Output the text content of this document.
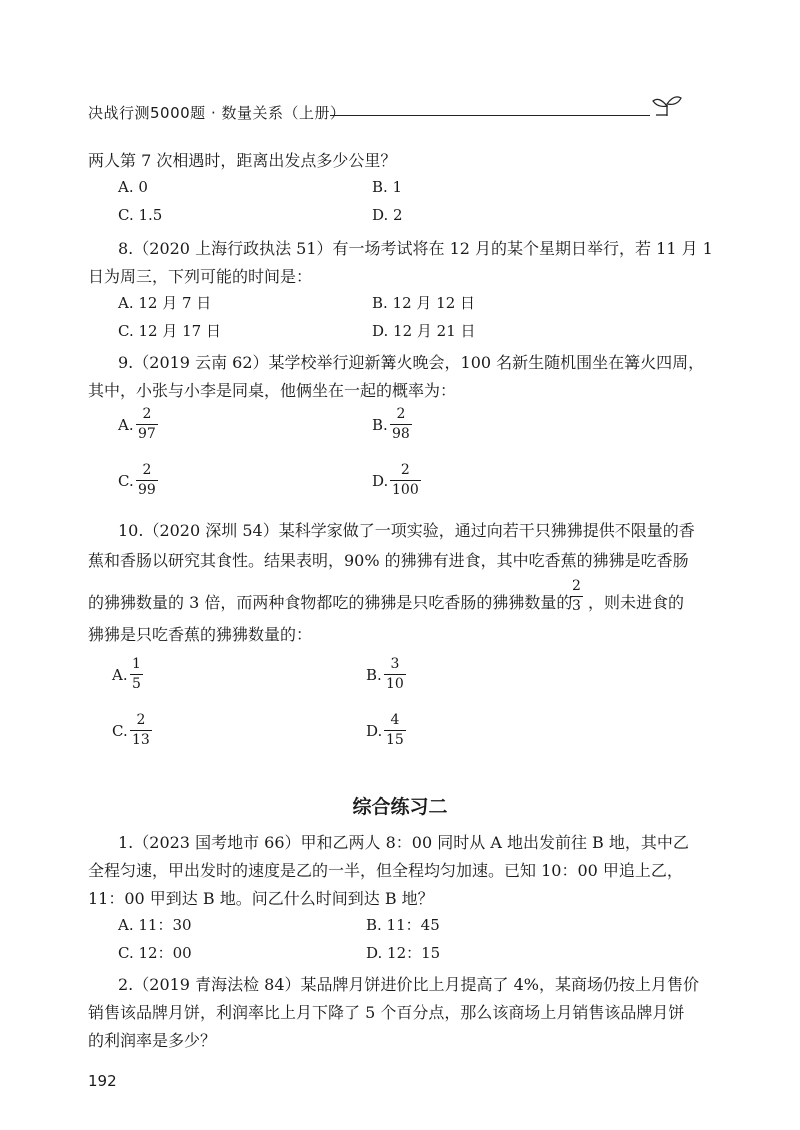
决战行测5000题 · 数量关系（上册）
两人第 7 次相遇时，距离出发点多少公里？
A. 0	B. 1
C. 1.5	D. 2
8.（2020 上海行政执法 51）有一场考试将在 12 月的某个星期日举行，若 11 月 1
日为周三，下列可能的时间是：
A. 12 月 7 日	B. 12 月 12 日
C. 12 月 17 日	D. 12 月 21 日
9.（2019 云南 62）某学校举行迎新篝火晚会，100 名新生随机围坐在篝火四周，
其中，小张与小李是同桌，他俩坐在一起的概率为：
A.
2
97	B.
2
98
C.
2
99	D.
2
100
10.（2020 深圳 54）某科学家做了一项实验，通过向若干只狒狒提供不限量的香
蕉和香肠以研究其食性。结果表明，90% 的狒狒有进食，其中吃香蕉的狒狒是吃香肠
的狒狒数量的 3 倍，而两种食物都吃的狒狒是只吃香肠的狒狒数量的
2
3 ，则未进食的
狒狒是只吃香蕉的狒狒数量的：
A.
1
5	B.
3
10
C.
2
13	D.
4
15
综合练习二
1.（2023 国考地市 66）甲和乙两人 8：00 同时从 A 地出发前往 B 地，其中乙
全程匀速，甲出发时的速度是乙的一半，但全程均匀加速。已知 10：00 甲追上乙，
11：00 甲到达 B 地。问乙什么时间到达 B 地？
A. 11：30	B. 11：45
C. 12：00	D. 12：15
2.（2019 青海法检 84）某品牌月饼进价比上月提高了 4%，某商场仍按上月售价
销售该品牌月饼，利润率比上月下降了 5 个百分点，那么该商场上月销售该品牌月饼
的利润率是多少？
192
